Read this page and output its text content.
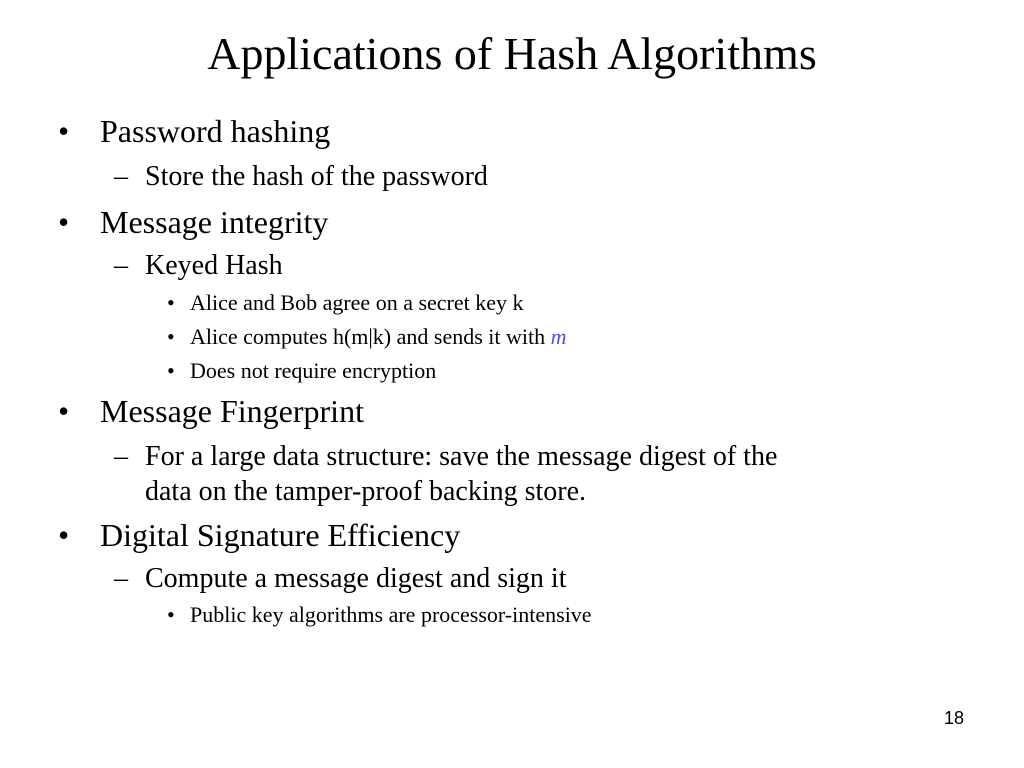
Applications of Hash Algorithms
• Password hashing
– Store the hash of the password
• Message integrity
– Keyed Hash
• Alice and Bob agree on a secret key k
• Alice computes h(m|k) and sends it with m
• Does not require encryption
• Message Fingerprint
– For a large data structure: save the message digest of the
data on the tamper-proof backing store.
• Digital Signature Efficiency
– Compute a message digest and sign it
• Public key algorithms are processor-intensive
18
